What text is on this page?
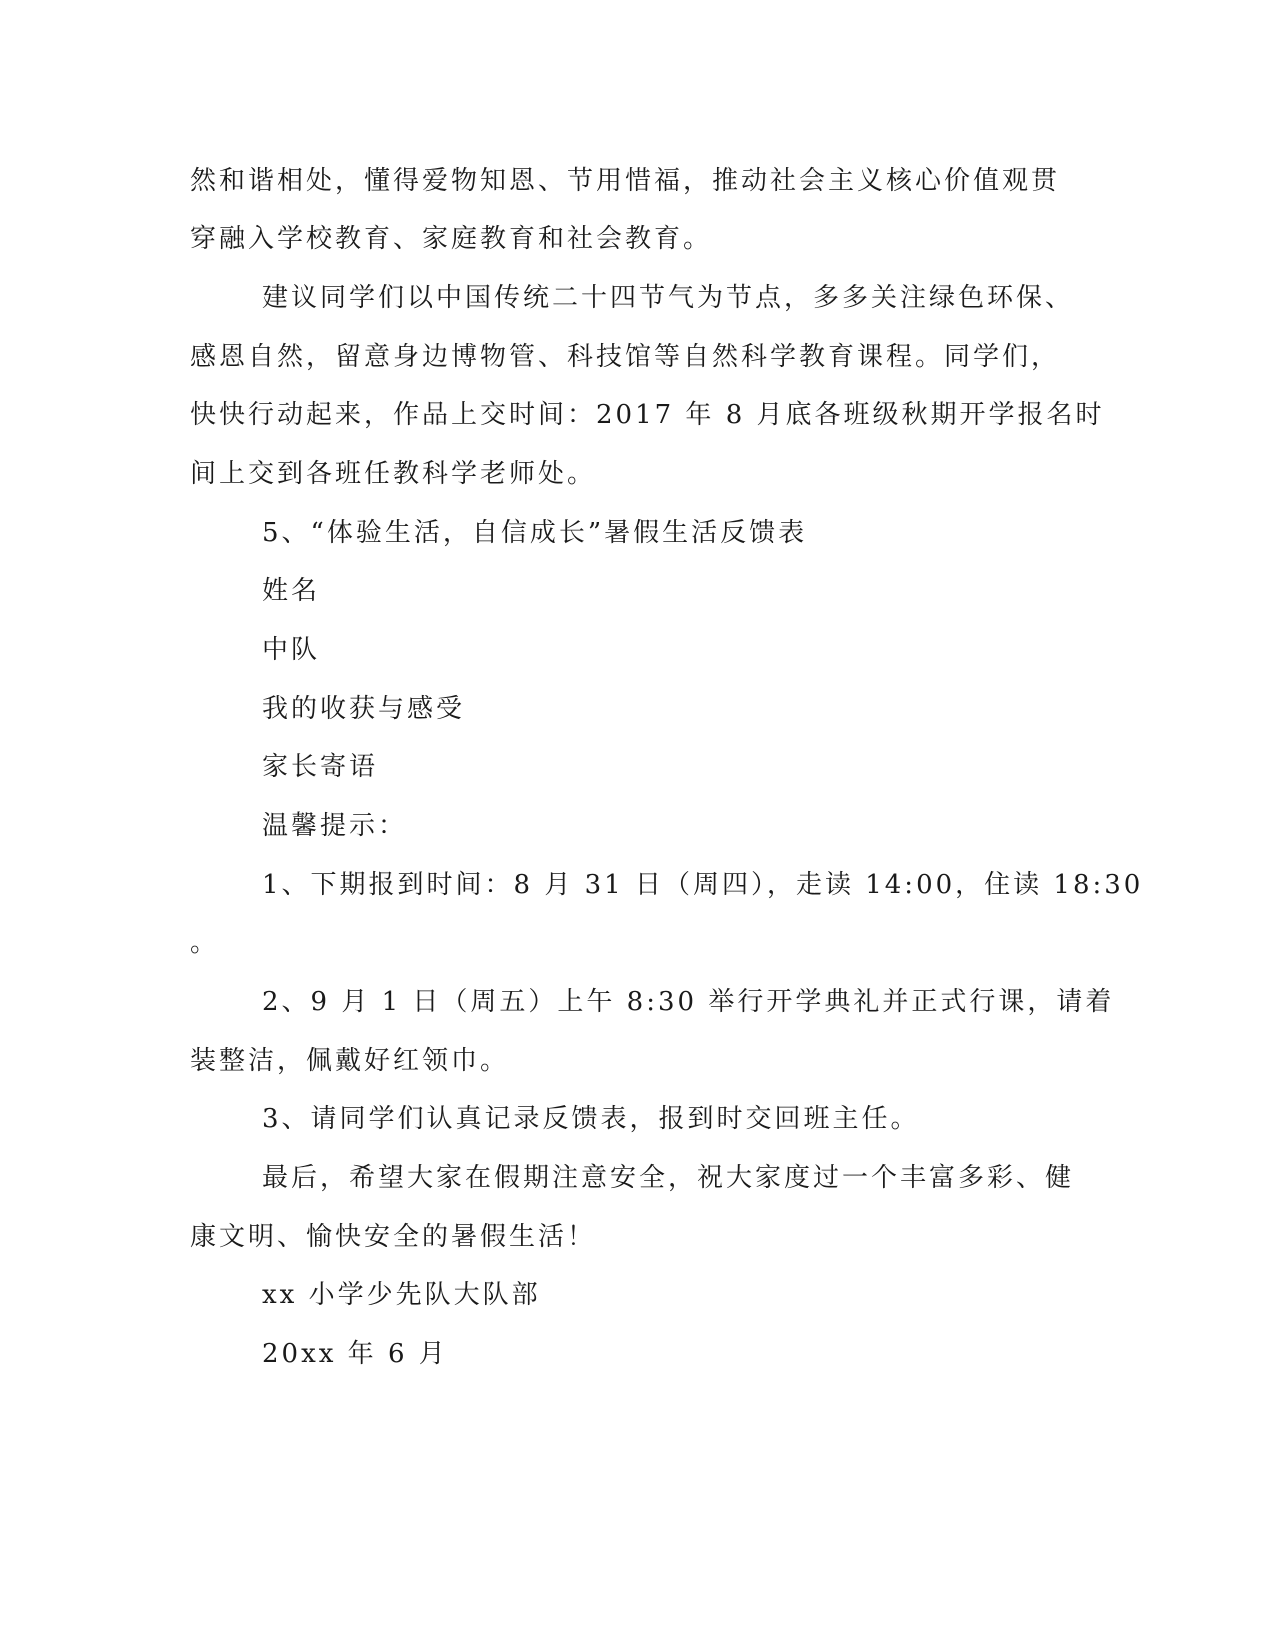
然和谐相处，懂得爱物知恩、节用惜福，推动社会主义核心价值观贯
穿融入学校教育、家庭教育和社会教育。
建议同学们以中国传统二十四节气为节点，多多关注绿色环保、
感恩自然，留意身边博物管、科技馆等自然科学教育课程。同学们，
快快行动起来，作品上交时间：2017 年 8 月底各班级秋期开学报名时
间上交到各班任教科学老师处。
5、“体验生活，自信成长”暑假生活反馈表
姓名
中队
我的收获与感受
家长寄语
温馨提示：
1、下期报到时间：8 月 31 日（周四），走读 14:00，住读 18:30
。
2、9 月 1 日（周五）上午 8:30 举行开学典礼并正式行课，请着
装整洁，佩戴好红领巾。
3、请同学们认真记录反馈表，报到时交回班主任。
最后，希望大家在假期注意安全，祝大家度过一个丰富多彩、健
康文明、愉快安全的暑假生活！
xx 小学少先队大队部
20xx 年 6 月
